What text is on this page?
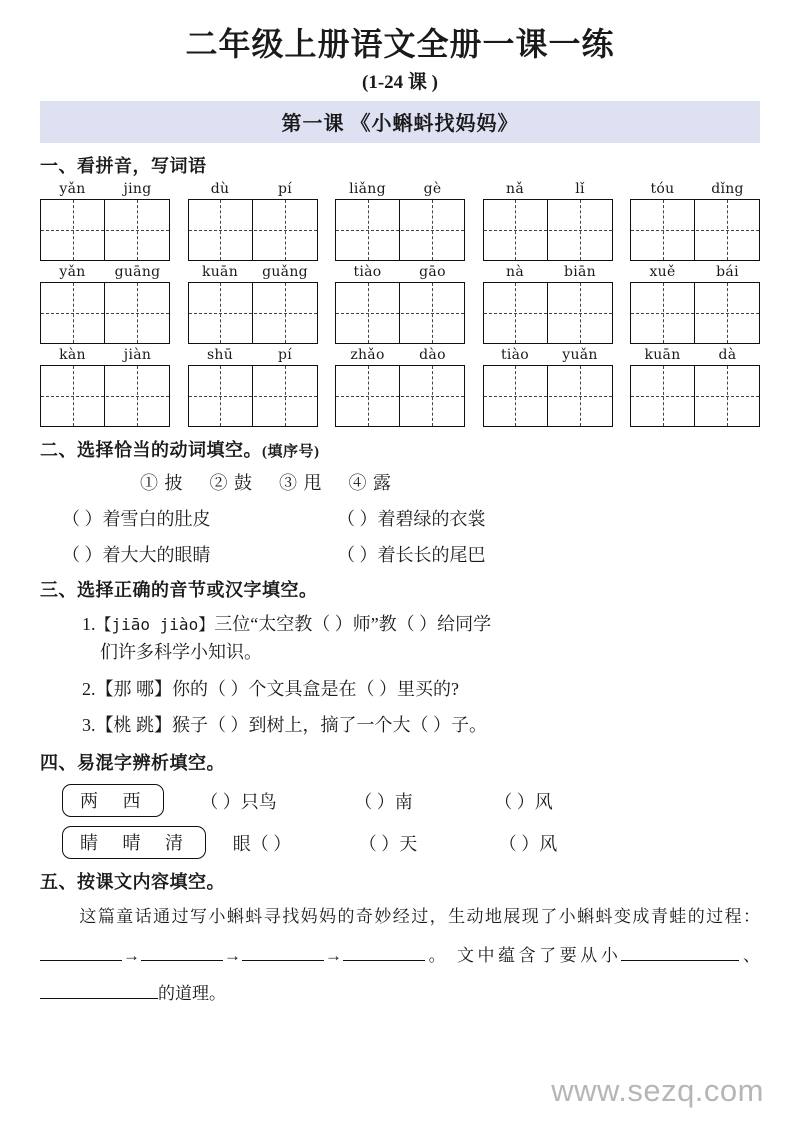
二年级上册语文全册一课一练
(1-24 课 )
第一课 《小蝌蚪找妈妈》
一、看拼音，写词语
yǎn	jing	dù	pí	liǎng	gè	nǎ	lǐ	tóu	dǐng
yǎn	guāng	kuān	guǎng	tiào	gāo	nà	biān	xuě	bái
kàn	jiàn	shū	pí	zhǎo	dào	tiào	yuǎn	kuān	dà
二、选择恰当的动词填空。(填序号)
① 披 ② 鼓 ③ 甩 ④ 露
（ ）着雪白的肚皮	（ ）着碧绿的衣裳
（ ）着大大的眼睛	（ ）着长长的尾巴
三、选择正确的音节或汉字填空。
1.【jiāo jiào】三位“太空教（ ）师”教（ ）给同学
们许多科学小知识。
2.【那 哪】你的（ ）个文具盒是在（ ）里买的?
3.【桃 跳】猴子（ ）到树上，摘了一个大（ ）子。
四、易混字辨析填空。
两 西	（ ）只鸟	（ ）南	（ ）风
睛 晴 清	眼（ ）	（ ）天	（ ）风
五、按课文内容填空。
这篇童话通过写小蝌蚪寻找妈妈的奇妙经过，生动地展现了小蝌蚪变成青蛙的过程：→	→	→	。 文中蕴含了要从小	、的道理。
www.sezq.com
